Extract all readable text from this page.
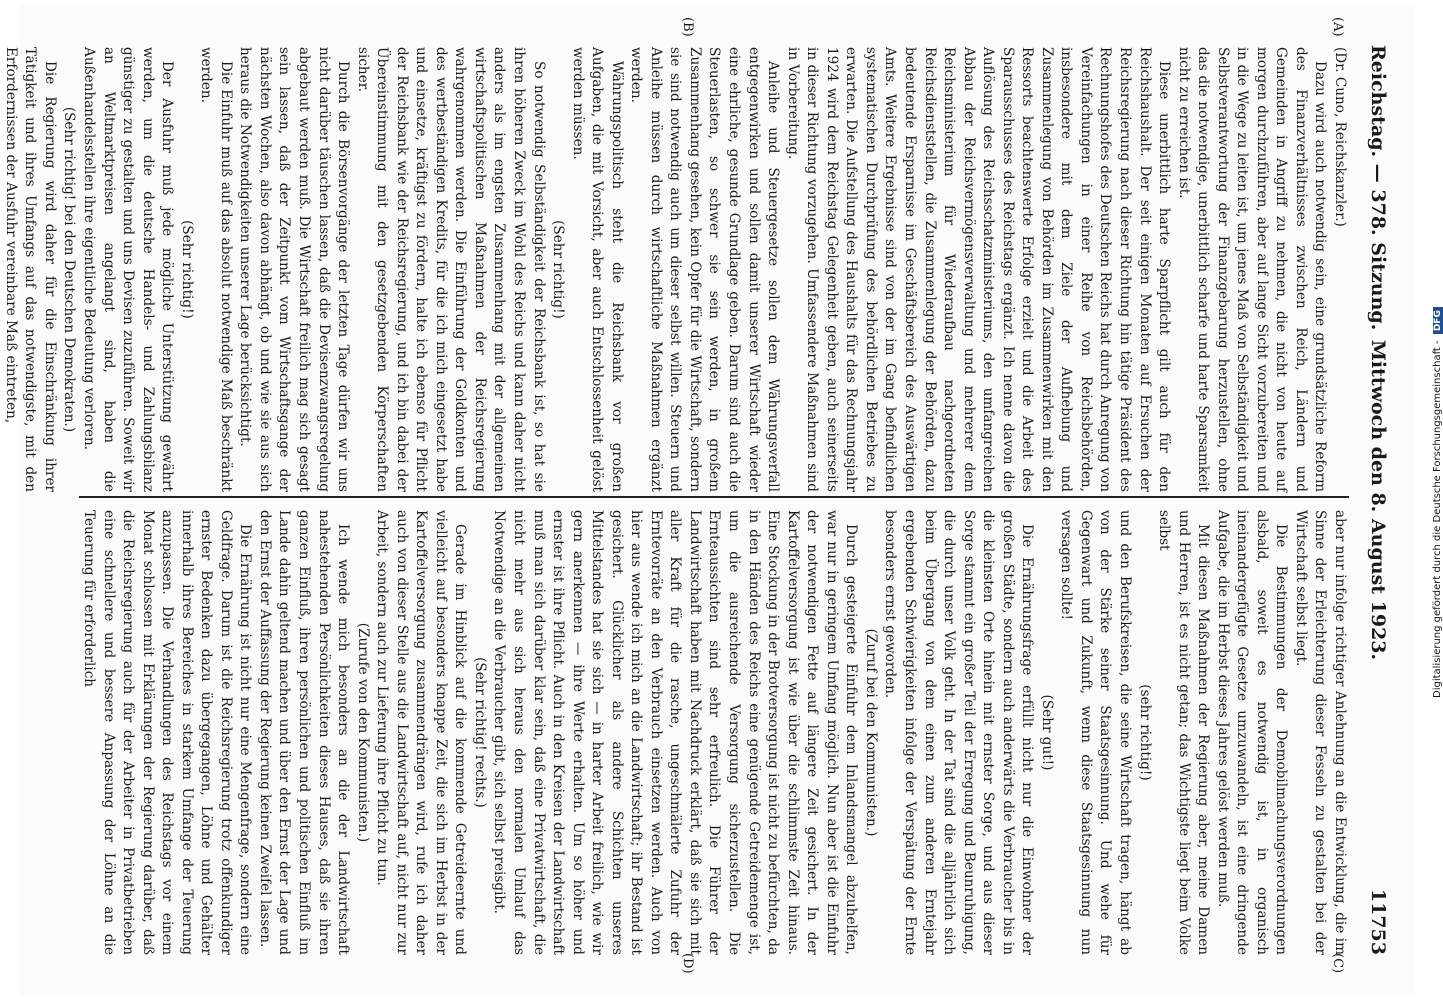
Reichstag. — 378. Sitzung.
Mittwoch den 8. August 1923.
11753
(A)
(B)
(C)
(D)

(Dr. Cuno, Reichskanzler.)

Dazu wird auch notwendig sein, eine grundsätzliche Reform des Finanzverhältnisses zwischen Reich, Ländern und Gemeinden in Angriff zu nehmen, die nicht von heute auf morgen durchzuführen, aber auf lange Sicht vorzubereiten und in die Wege zu leiten ist, um jenes Maß von Selbständigkeit und Selbstverantwortung der Finanzgebarung herzustellen, ohne das die notwendige, unerbittlich scharfe und harte Sparsamkeit nicht zu erreichen ist.

Diese unerbittlich harte Sparpflicht gilt auch für den Reichshaushalt. Der seit einigen Monaten auf Ersuchen der Reichsregierung nach dieser Richtung hin tätige Präsident des Rechnungshofes des Deutschen Reichs hat durch Anregung von Vereinfachungen in einer Reihe von Reichsbehörden, insbesondere mit dem Ziele der Aufhebung und Zusammenlegung von Behörden im Zusammenwirken mit den Ressorts beachtenswerte Erfolge erzielt und die Arbeit des Sparausschusses des Reichstags ergänzt. Ich nenne davon die Auflösung des Reichsschatzministeriums, den umfangreichen Abbau der Reichsvermögensverwaltung und mehrerer dem Reichsministerium für Wiederaufbau nachgeordneten Reichsdienststellen, die Zusammenlegung der Behörden, dazu bedeutende Ersparnisse im Geschäftsbereich des Auswärtigen Amts. Weitere Ergebnisse sind von der im Gang befindlichen systematischen Durchprüfung des behördlichen Betriebes zu erwarten. Die Aufstellung des Haushalts für das Rechnungsjahr 1924 wird dem Reichstag Gelegenheit geben, auch seinerseits in dieser Richtung vorzugehen. Umfassendere Maßnahmen sind in Vorbereitung.

Anleihe und Steuergesetze sollen dem Währungsverfall entgegenwirken und sollen damit unserer Wirtschaft wieder eine ehrliche, gesunde Grundlage geben. Darum sind auch die Steuerlasten, so schwer sie sein werden, in großem Zusammenhang gesehen, kein Opfer für die Wirtschaft, sondern sie sind notwendig auch um dieser selbst willen. Steuern und Anleihe müssen durch wirtschaftliche Maßnahmen ergänzt werden.

Währungspolitisch steht die Reichsbank vor großen Aufgaben, die mit Vorsicht, aber auch Entschlossenheit gelöst werden müssen.

(Sehr richtig!)

So notwendig Selbständigkeit der Reichsbank ist, so hat sie ihren höheren Zweck im Wohl des Reichs und kann daher nicht anders als im engsten Zusammenhang mit der allgemeinen wirtschaftspolitischen Maßnahmen der Reichsregierung wahrgenommen werden. Die Einführung der Goldkonten und des wertbeständigen Kredits, für die ich mich eingesetzt habe und einsetze, kräftigst zu fördern, halte ich ebenso für Pflicht der Reichsbank wie der Reichsregierung, und ich bin dabei der Übereinstimmung mit den gesetzgebenden Körperschaften sicher.

Durch die Börsenvorgänge der letzten Tage dürfen wir uns nicht darüber täuschen lassen, daß die Devisenzwangsregelung abgebaut werden muß. Die Wirtschaft freilich mag sich gesagt sein lassen, daß der Zeitpunkt vom Wirtschaftsgange der nächsten Wochen, also davon abhängt, ob und wie sie aus sich heraus die Notwendigkeiten unserer Lage berücksichtigt.

Die Einfuhr muß auf das absolut notwendige Maß beschränkt werden.

(Sehr richtig!)

Der Ausfuhr muß jede mögliche Unterstützung gewährt werden, um die deutsche Handels- und Zahlungsbilanz günstiger zu gestalten und uns Devisen zuzuführen. Soweit wir an Weltmarktpreisen angelangt sind, haben die Außenhandelsstellen ihre eigentliche Bedeutung verloren.

(Sehr richtig! bei den Deutschen Demokraten.)

Die Regierung wird daher für die Einschränkung ihrer Tätigkeit und ihres Umfangs auf das notwendigste, mit den Erfordernissen der Ausfuhr vereinbare Maß eintreten,

aber nur infolge richtiger Anlehnung an die Entwicklung, die im Sinne der Erleichterung dieser Fesseln zu gestalten bei der Wirtschaft selbst liegt.

Die Bestimmungen der Demobilmachungsverordnungen alsbald, soweit es notwendig ist, in organisch ineinandergefügte Gesetze umzuwandeln, ist eine dringende Aufgabe, die im Herbst dieses Jahres gelöst werden muß.

Mit diesen Maßnahmen der Regierung aber, meine Damen und Herren, ist es nicht getan; das Wichtigste liegt beim Volke selbst

(sehr richtig!)

und den Berufskreisen, die seine Wirtschaft tragen, hängt ab von der Stärke seiner Staatsgesinnung. Und wehe für Gegenwart und Zukunft, wenn diese Staatsgesinnung nun versagen sollte!

(Sehr gut!)

Die Ernährungsfrage erfüllt nicht nur die Einwohner der großen Städte, sondern auch anderwärts die Verbraucher bis in die kleinsten Orte hinein mit ernster Sorge, und aus dieser Sorge stammt ein großer Teil der Erregung und Beunruhigung, die durch unser Volk geht. In der Tat sind die alljährlich sich beim Übergang von dem einen zum anderen Erntejahr ergebenden Schwierigkeiten infolge der Verspätung der Ernte besonders ernst geworden.

(Zuruf bei den Kommunisten.)

Durch gesteigerte Einfuhr dem Inlandsmangel abzuhelfen, war nur in geringem Umfang möglich. Nun aber ist die Einfuhr der notwendigen Fette auf längere Zeit gesichert. In der Kartoffelversorgung ist wie über die schlimmste Zeit hinaus. Eine Stockung in der Brotversorgung ist nicht zu befürchten, da in den Händen des Reichs eine genügende Getreidemenge ist, um die ausreichende Versorgung sicherzustellen. Die Ernteaussichten sind sehr erfreulich. Die Führer der Landwirtschaft haben mit Nachdruck erklärt, daß sie sich mit aller Kraft für die rasche, ungeschmälerte Zufuhr der Erntevorräte an den Verbrauch einsetzen werden. Auch von hier aus wende ich mich an die Landwirtschaft; ihr Bestand ist gesichert. Glücklicher als andere Schichten unseres Mittelstandes hat sie sich — in harter Arbeit freilich, wie wir gern anerkennen — ihre Werte erhalten. Um so höher und ernster ist ihre Pflicht. Auch in den Kreisen der Landwirtschaft muß man sich darüber klar sein, daß eine Privatwirtschaft, die nicht mehr aus sich heraus den normalen Umlauf das Notwendige an die Verbraucher gibt, sich selbst preisgibt.

(Sehr richtig! rechts.)

Gerade im Hinblick auf die kommende Getreideernte und vielleicht auf besonders knappe Zeit, die sich im Herbst in der Kartoffelversorgung zusammendrängen wird, rufe ich daher auch von dieser Stelle aus die Landwirtschaft auf, nicht nur zur Arbeit, sondern auch zur Lieferung ihre Pflicht zu tun.

(Zurufe von den Kommunisten.)

Ich wende mich besonders an die der Landwirtschaft nahestehenden Persönlichkeiten dieses Hauses, daß sie ihren ganzen Einfluß, ihren persönlichen und politischen Einfluß im Lande dahin geltend machen und über den Ernst der Lage und den Ernst der Auffassung der Regierung keinen Zweifel lassen.

Die Ernährung ist nicht nur eine Mengenfrage, sondern eine Geldfrage. Darum ist die Reichsregierung trotz offenkundiger ernster Bedenken dazu übergegangen, Löhne und Gehälter innerhalb ihres Bereiches in starkem Umfange der Teuerung anzupassen. Die Verhandlungen des Reichstags vor einem Monat schlossen mit Erklärungen der Regierung darüber, daß die Reichsregierung auch für der Arbeiter in Privatbetrieben eine schnellere und bessere Anpassung der Löhne an die Teuerung für erforderlich	Digitalisierung gefördert durch die Deutsche Forschungsgemeinschaft - DFG
